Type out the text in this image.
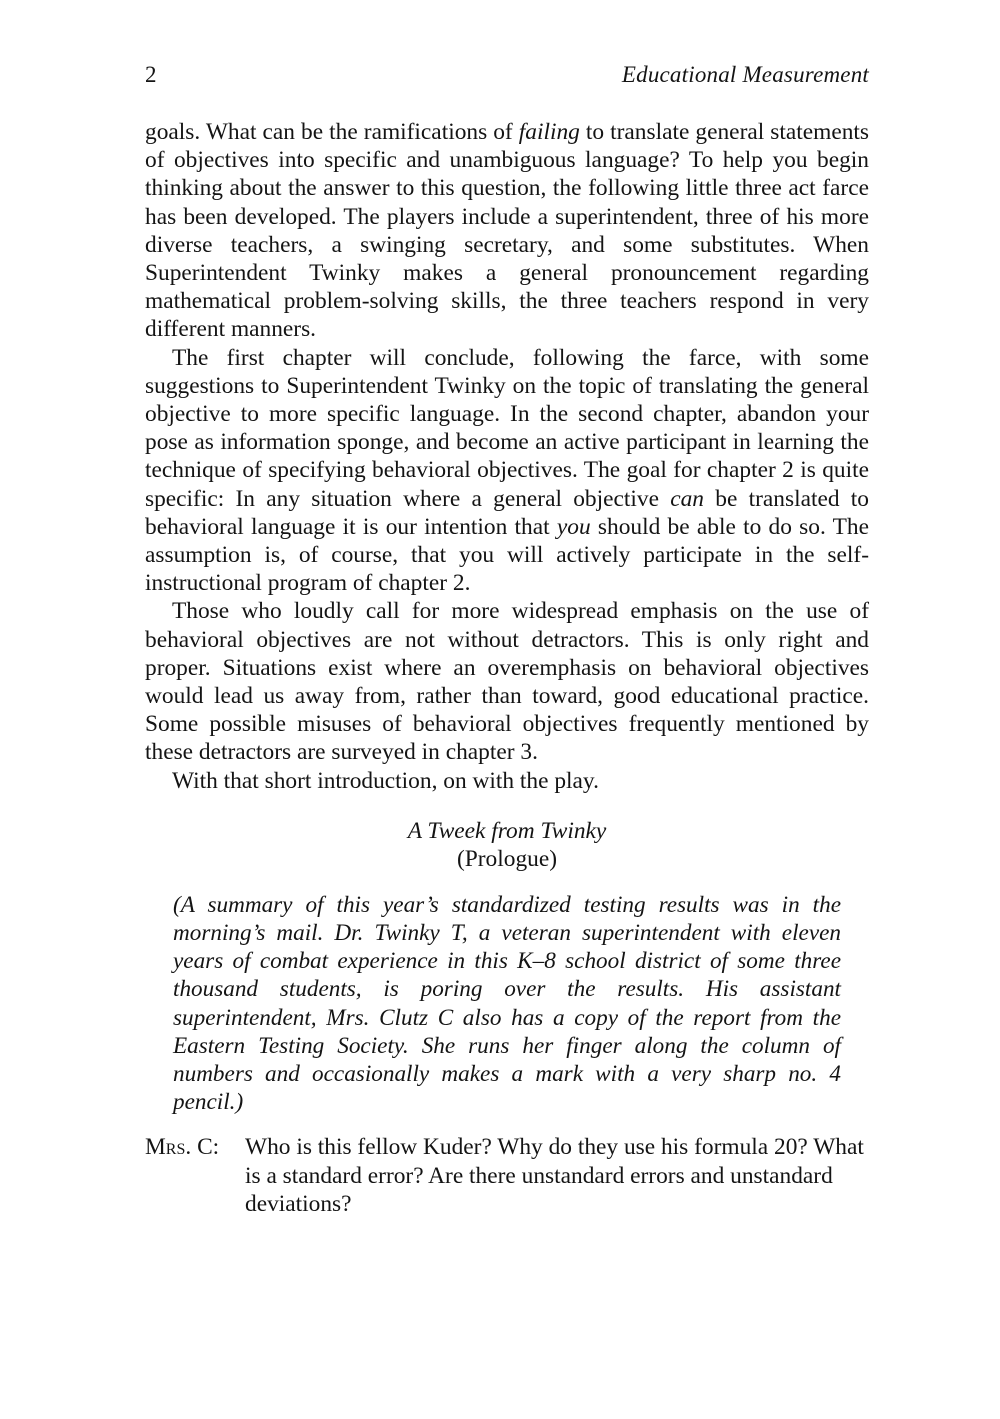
2	Educational Measurement

goals. What can be the ramifications of failing to translate general statements of objectives into specific and unambiguous language? To help you begin thinking about the answer to this question, the following little three act farce has been developed. The players include a superintendent, three of his more diverse teachers, a swinging secretary, and some substitutes. When Superintendent Twinky makes a general pronouncement regarding mathematical problem-solving skills, the three teachers respond in very different manners.

The first chapter will conclude, following the farce, with some suggestions to Superintendent Twinky on the topic of translating the general objective to more specific language. In the second chapter, abandon your pose as information sponge, and become an active participant in learning the technique of specifying behavioral objectives. The goal for chapter 2 is quite specific: In any situation where a general objective can be translated to behavioral language it is our intention that you should be able to do so. The assumption is, of course, that you will actively participate in the self-instructional program of chapter 2.

Those who loudly call for more widespread emphasis on the use of behavioral objectives are not without detractors. This is only right and proper. Situations exist where an overemphasis on behavioral objectives would lead us away from, rather than toward, good educational practice. Some possible misuses of behavioral objectives frequently mentioned by these detractors are surveyed in chapter 3.

With that short introduction, on with the play.

A Tweek from Twinky
(Prologue)
(A summary of this year’s standardized testing results was in the morning’s mail. Dr. Twinky T, a veteran superintendent with eleven years of combat experience in this K–8 school district of some three thousand students, is poring over the results. His assistant superintendent, Mrs. Clutz C also has a copy of the report from the Eastern Testing Society. She runs her finger along the column of numbers and occasionally makes a mark with a very sharp no. 4 pencil.)
Mrs. C:	Who is this fellow Kuder? Why do they use his formula 20? What is a standard error? Are there unstandard errors and unstandard deviations?
